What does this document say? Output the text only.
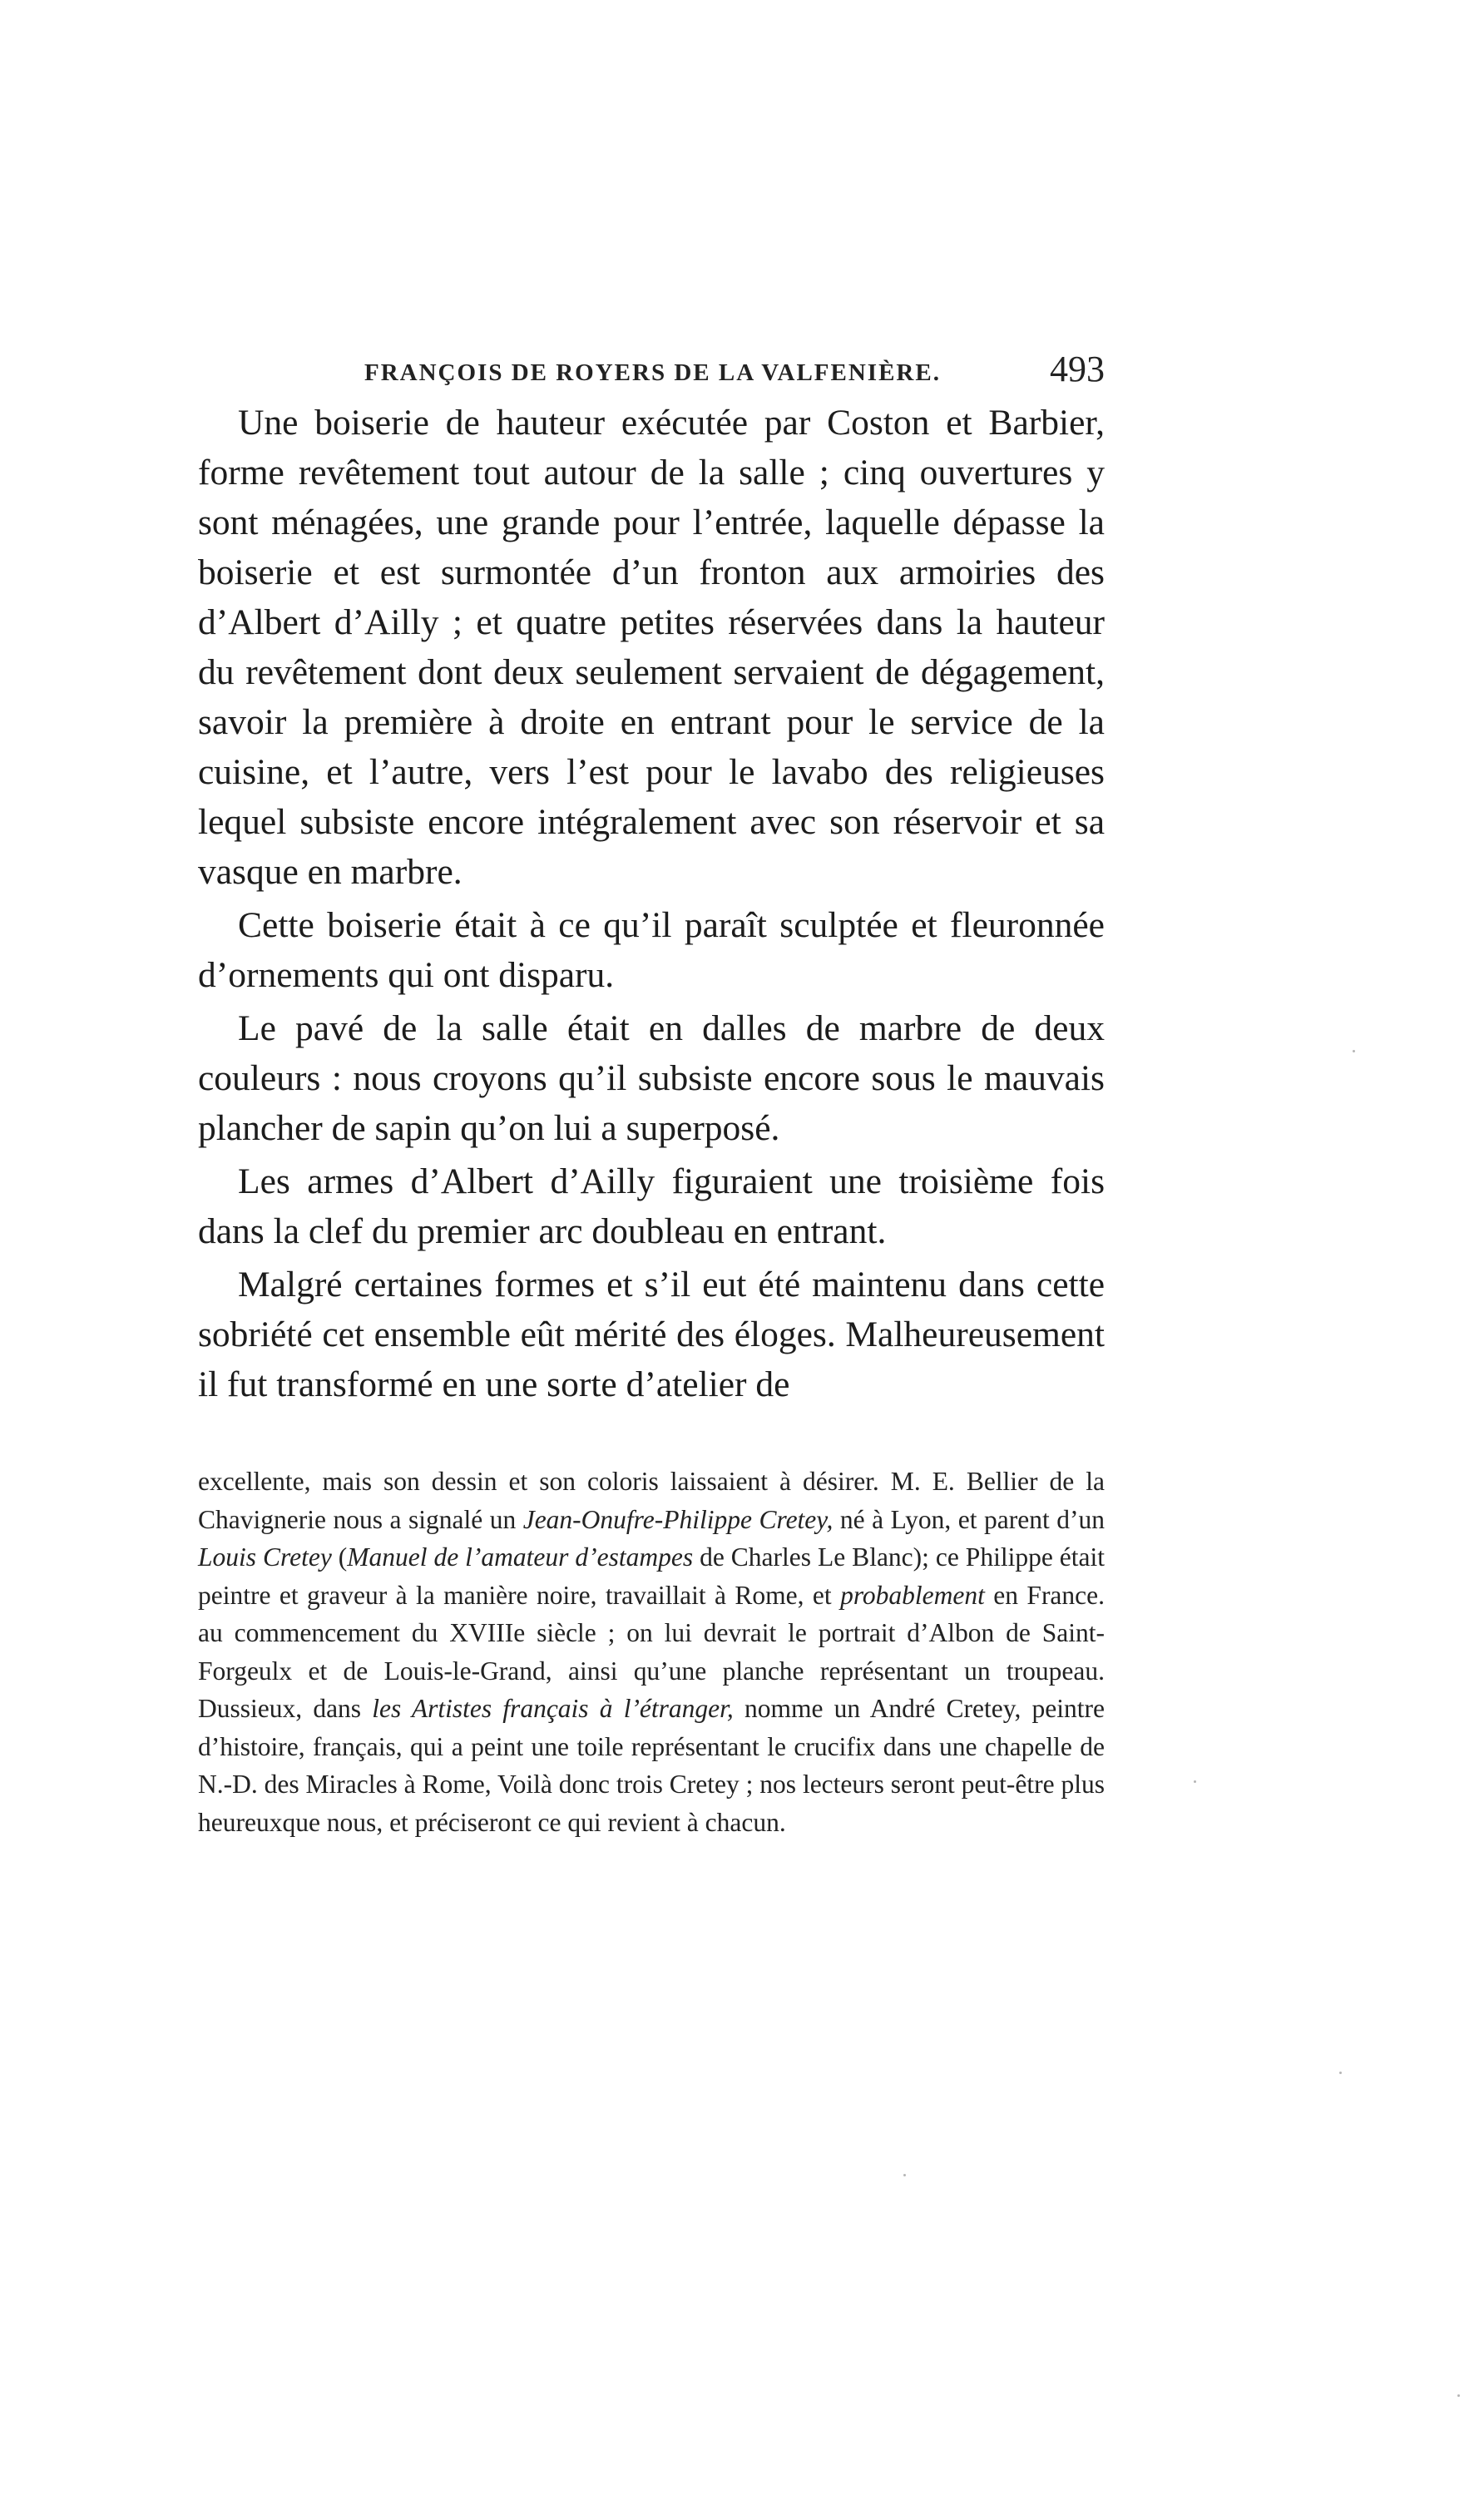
FRANÇOIS DE ROYERS DE LA VALFENIÈRE.	493

Une boiserie de hauteur exécutée par Coston et Barbier, forme revêtement tout autour de la salle ; cinq ouvertures y sont ménagées, une grande pour l’entrée, laquelle dépasse la boiserie et est surmontée d’un fronton aux armoiries des d’Albert d’Ailly ; et quatre petites réservées dans la hauteur du revêtement dont deux seulement servaient de dégagement, savoir la première à droite en entrant pour le service de la cuisine, et l’autre, vers l’est pour le lavabo des religieuses lequel subsiste encore intégralement avec son réservoir et sa vasque en marbre.

Cette boiserie était à ce qu’il paraît sculptée et fleuronnée d’ornements qui ont disparu.

Le pavé de la salle était en dalles de marbre de deux couleurs : nous croyons qu’il subsiste encore sous le mauvais plancher de sapin qu’on lui a superposé.

Les armes d’Albert d’Ailly figuraient une troisième fois dans la clef du premier arc doubleau en entrant.

Malgré certaines formes et s’il eut été maintenu dans cette sobriété cet ensemble eût mérité des éloges. Malheureusement il fut transformé en une sorte d’atelier de

excellente, mais son dessin et son coloris laissaient à désirer. M. E. Bellier de la Chavignerie nous a signalé un Jean-Onufre-Philippe Cretey, né à Lyon, et parent d’un Louis Cretey (Manuel de l’amateur d’estampes de Charles Le Blanc); ce Philippe était peintre et graveur à la manière noire, travaillait à Rome, et probablement en France. au commencement du XVIIIe siècle ; on lui devrait le portrait d’Albon de Saint-Forgeulx et de Louis-le-Grand, ainsi qu’une planche représentant un troupeau. Dussieux, dans les Artistes français à l’étranger, nomme un André Cretey, peintre d’histoire, français, qui a peint une toile représentant le crucifix dans une chapelle de N.-D. des Miracles à Rome, Voilà donc trois Cretey ; nos lecteurs seront peut-être plus heureuxque nous, et préciseront ce qui revient à chacun.
